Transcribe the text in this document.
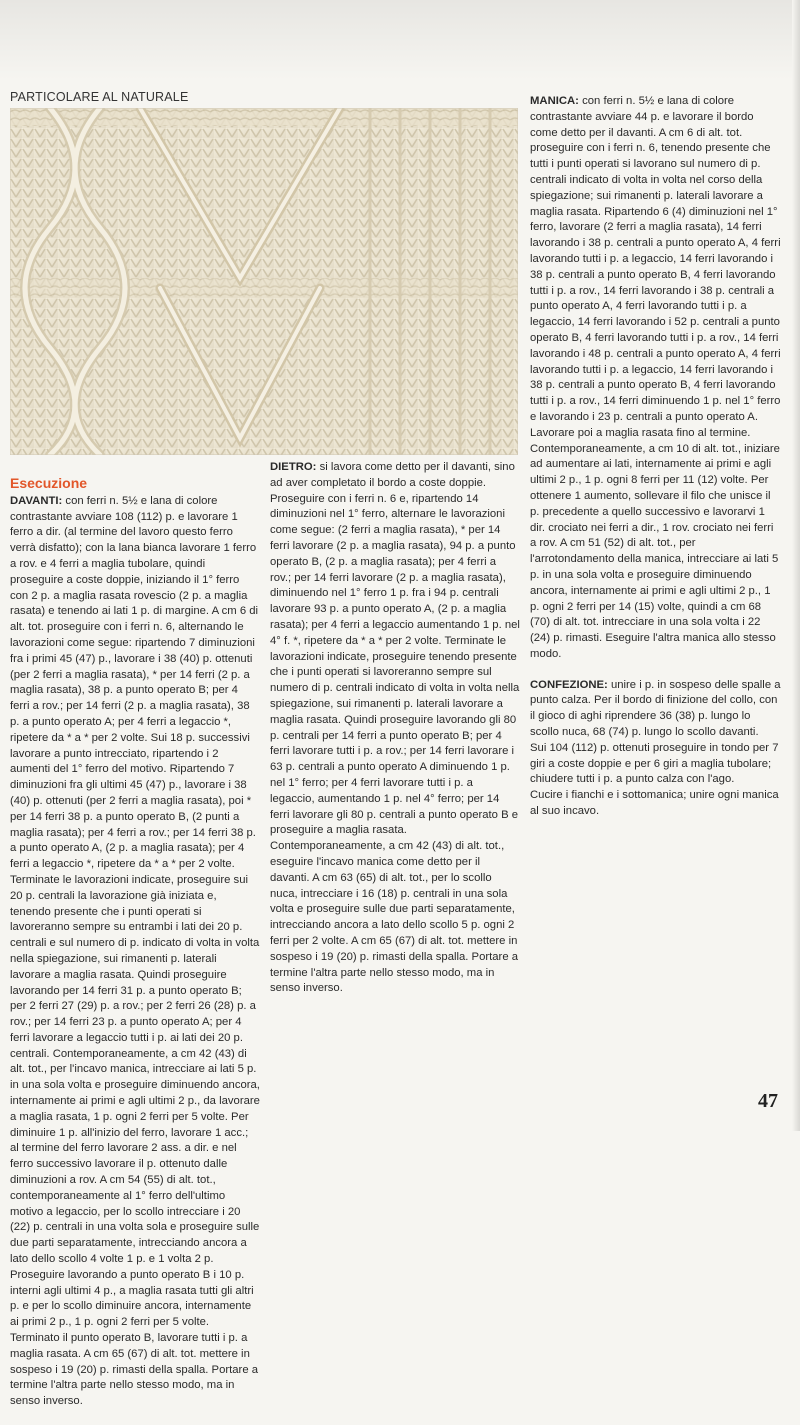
PARTICOLARE AL NATURALE
Esecuzione

DAVANTI: con ferri n. 5½ e lana di colore contrastante avviare 108 (112) p. e lavorare 1 ferro a dir. (al termine del lavoro questo ferro verrà disfatto); con la lana bianca lavorare 1 ferro a rov. e 4 ferri a maglia tubolare, quindi proseguire a coste doppie, iniziando il 1° ferro con 2 p. a maglia rasata rovescio (2 p. a maglia rasata) e tenendo ai lati 1 p. di margine. A cm 6 di alt. tot. proseguire con i ferri n. 6, alternando le lavorazioni come segue: ripartendo 7 diminuzioni fra i primi 45 (47) p., lavorare i 38 (40) p. ottenuti (per 2 ferri a maglia rasata), * per 14 ferri (2 p. a maglia rasata), 38 p. a punto operato B; per 4 ferri a rov.; per 14 ferri (2 p. a maglia rasata), 38 p. a punto operato A; per 4 ferri a legaccio *, ripetere da * a * per 2 volte. Sui 18 p. successivi lavorare a punto intrecciato, ripartendo i 2 aumenti del 1° ferro del motivo. Ripartendo 7 diminuzioni fra gli ultimi 45 (47) p., lavorare i 38 (40) p. ottenuti (per 2 ferri a maglia rasata), poi * per 14 ferri 38 p. a punto operato B, (2 punti a maglia rasata); per 4 ferri a rov.; per 14 ferri 38 p. a punto operato A, (2 p. a maglia rasata); per 4 ferri a legaccio *, ripetere da * a * per 2 volte. Terminate le lavorazioni indicate, proseguire sui 20 p. centrali la lavorazione già iniziata e, tenendo presente che i punti operati si lavoreranno sempre su entrambi i lati dei 20 p. centrali e sul numero di p. indicato di volta in volta nella spiegazione, sui rimanenti p. laterali lavorare a maglia rasata. Quindi proseguire lavorando per 14 ferri 31 p. a punto operato B; per 2 ferri 27 (29) p. a rov.; per 2 ferri 26 (28) p. a rov.; per 14 ferri 23 p. a punto operato A; per 4 ferri lavorare a legaccio tutti i p. ai lati dei 20 p. centrali. Contemporaneamente, a cm 42 (43) di alt. tot., per l'incavo manica, intrecciare ai lati 5 p. in una sola volta e proseguire diminuendo ancora, internamente ai primi e agli ultimi 2 p., da lavorare a maglia rasata, 1 p. ogni 2 ferri per 5 volte. Per diminuire 1 p. all'inizio del ferro, lavorare 1 acc.; al termine del ferro lavorare 2 ass. a dir. e nel ferro successivo lavorare il p. ottenuto dalle diminuzioni a rov. A cm 54 (55) di alt. tot., contemporaneamente al 1° ferro dell'ultimo motivo a legaccio, per lo scollo intrecciare i 20 (22) p. centrali in una volta sola e proseguire sulle due parti separatamente, intrecciando ancora a lato dello scollo 4 volte 1 p. e 1 volta 2 p. Proseguire lavorando a punto operato B i 10 p. interni agli ultimi 4 p., a maglia rasata tutti gli altri p. e per lo scollo diminuire ancora, internamente ai primi 2 p., 1 p. ogni 2 ferri per 5 volte. Terminato il punto operato B, lavorare tutti i p. a maglia rasata. A cm 65 (67) di alt. tot. mettere in sospeso i 19 (20) p. rimasti della spalla. Portare a termine l'altra parte nello stesso modo, ma in senso inverso.

DIETRO: si lavora come detto per il davanti, sino ad aver completato il bordo a coste doppie. Proseguire con i ferri n. 6 e, ripartendo 14 diminuzioni nel 1° ferro, alternare le lavorazioni come segue: (2 ferri a maglia rasata), * per 14 ferri lavorare (2 p. a maglia rasata), 94 p. a punto operato B, (2 p. a maglia rasata); per 4 ferri a rov.; per 14 ferri lavorare (2 p. a maglia rasata), diminuendo nel 1° ferro 1 p. fra i 94 p. centrali lavorare 93 p. a punto operato A, (2 p. a maglia rasata); per 4 ferri a legaccio aumentando 1 p. nel 4° f. *, ripetere da * a * per 2 volte. Terminate le lavorazioni indicate, proseguire tenendo presente che i punti operati si lavoreranno sempre sul numero di p. centrali indicato di volta in volta nella spiegazione, sui rimanenti p. laterali lavorare a maglia rasata. Quindi proseguire lavorando gli 80 p. centrali per 14 ferri a punto operato B; per 4 ferri lavorare tutti i p. a rov.; per 14 ferri lavorare i 63 p. centrali a punto operato A diminuendo 1 p. nel 1° ferro; per 4 ferri lavorare tutti i p. a legaccio, aumentando 1 p. nel 4° ferro; per 14 ferri lavorare gli 80 p. centrali a punto operato B e proseguire a maglia rasata. Contemporaneamente, a cm 42 (43) di alt. tot., eseguire l'incavo manica come detto per il davanti. A cm 63 (65) di alt. tot., per lo scollo nuca, intrecciare i 16 (18) p. centrali in una sola volta e proseguire sulle due parti separatamente, intrecciando ancora a lato dello scollo 5 p. ogni 2 ferri per 2 volte. A cm 65 (67) di alt. tot. mettere in sospeso i 19 (20) p. rimasti della spalla. Portare a termine l'altra parte nello stesso modo, ma in senso inverso.

MANICA: con ferri n. 5½ e lana di colore contrastante avviare 44 p. e lavorare il bordo come detto per il davanti. A cm 6 di alt. tot. proseguire con i ferri n. 6, tenendo presente che tutti i punti operati si lavorano sul numero di p. centrali indicato di volta in volta nel corso della spiegazione; sui rimanenti p. laterali lavorare a maglia rasata. Ripartendo 6 (4) diminuzioni nel 1° ferro, lavorare (2 ferri a maglia rasata), 14 ferri lavorando i 38 p. centrali a punto operato A, 4 ferri lavorando tutti i p. a legaccio, 14 ferri lavorando i 38 p. centrali a punto operato B, 4 ferri lavorando tutti i p. a rov., 14 ferri lavorando i 38 p. centrali a punto operato A, 4 ferri lavorando tutti i p. a legaccio, 14 ferri lavorando i 52 p. centrali a punto operato B, 4 ferri lavorando tutti i p. a rov., 14 ferri lavorando i 48 p. centrali a punto operato A, 4 ferri lavorando tutti i p. a legaccio, 14 ferri lavorando i 38 p. centrali a punto operato B, 4 ferri lavorando tutti i p. a rov., 14 ferri diminuendo 1 p. nel 1° ferro e lavorando i 23 p. centrali a punto operato A. Lavorare poi a maglia rasata fino al termine. Contemporaneamente, a cm 10 di alt. tot., iniziare ad aumentare ai lati, internamente ai primi e agli ultimi 2 p., 1 p. ogni 8 ferri per 11 (12) volte. Per ottenere 1 aumento, sollevare il filo che unisce il p. precedente a quello successivo e lavorarvi 1 dir. crociato nei ferri a dir., 1 rov. crociato nei ferri a rov. A cm 51 (52) di alt. tot., per l'arrotondamento della manica, intrecciare ai lati 5 p. in una sola volta e proseguire diminuendo ancora, internamente ai primi e agli ultimi 2 p., 1 p. ogni 2 ferri per 14 (15) volte, quindi a cm 68 (70) di alt. tot. intrecciare in una sola volta i 22 (24) p. rimasti. Eseguire l'altra manica allo stesso modo.

CONFEZIONE: unire i p. in sospeso delle spalle a punto calza. Per il bordo di finizione del collo, con il gioco di aghi riprendere 36 (38) p. lungo lo scollo nuca, 68 (74) p. lungo lo scollo davanti.

Sui 104 (112) p. ottenuti proseguire in tondo per 7 giri a coste doppie e per 6 giri a maglia tubolare; chiudere tutti i p. a punto calza con l'ago.

Cucire i fianchi e i sottomanica; unire ogni manica al suo incavo.

47
